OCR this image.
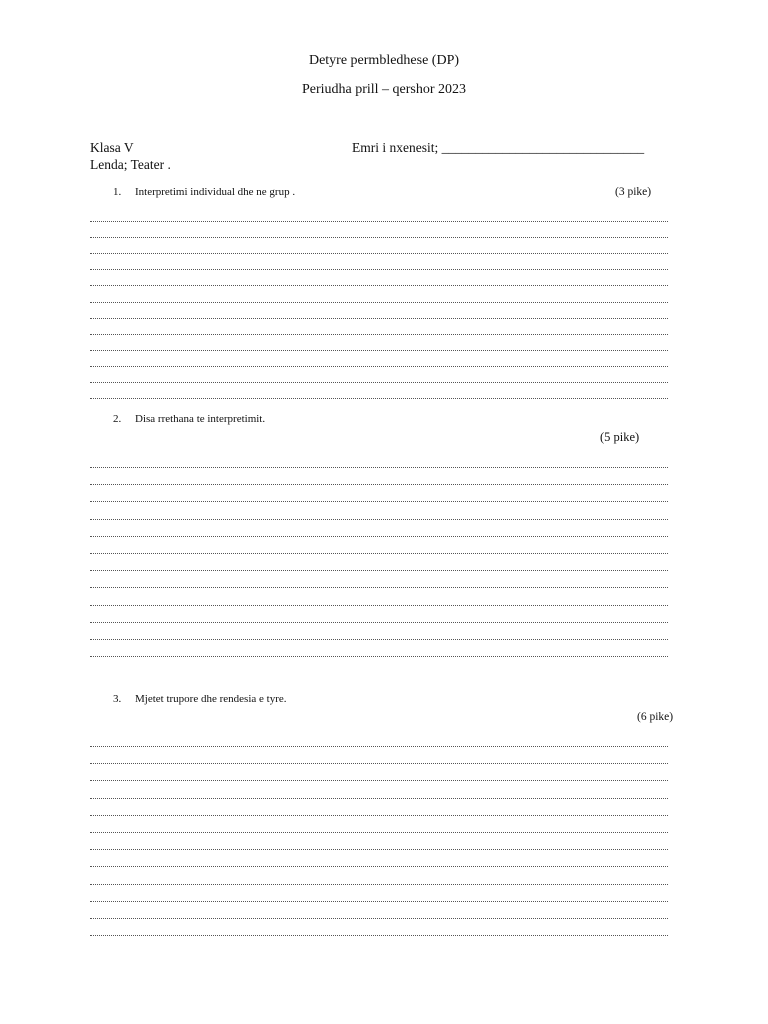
Detyre permbledhese (DP)
Periudha prill – qershor 2023
Klasa V
Lenda; Teater .
Emri i nxenesit; ______________________________
1. Interpretimi individual dhe ne grup .	(3 pike)
2. Disa rrethana te interpretimit.
(5 pike)
3. Mjetet trupore dhe rendesia e tyre.
(6 pike)
